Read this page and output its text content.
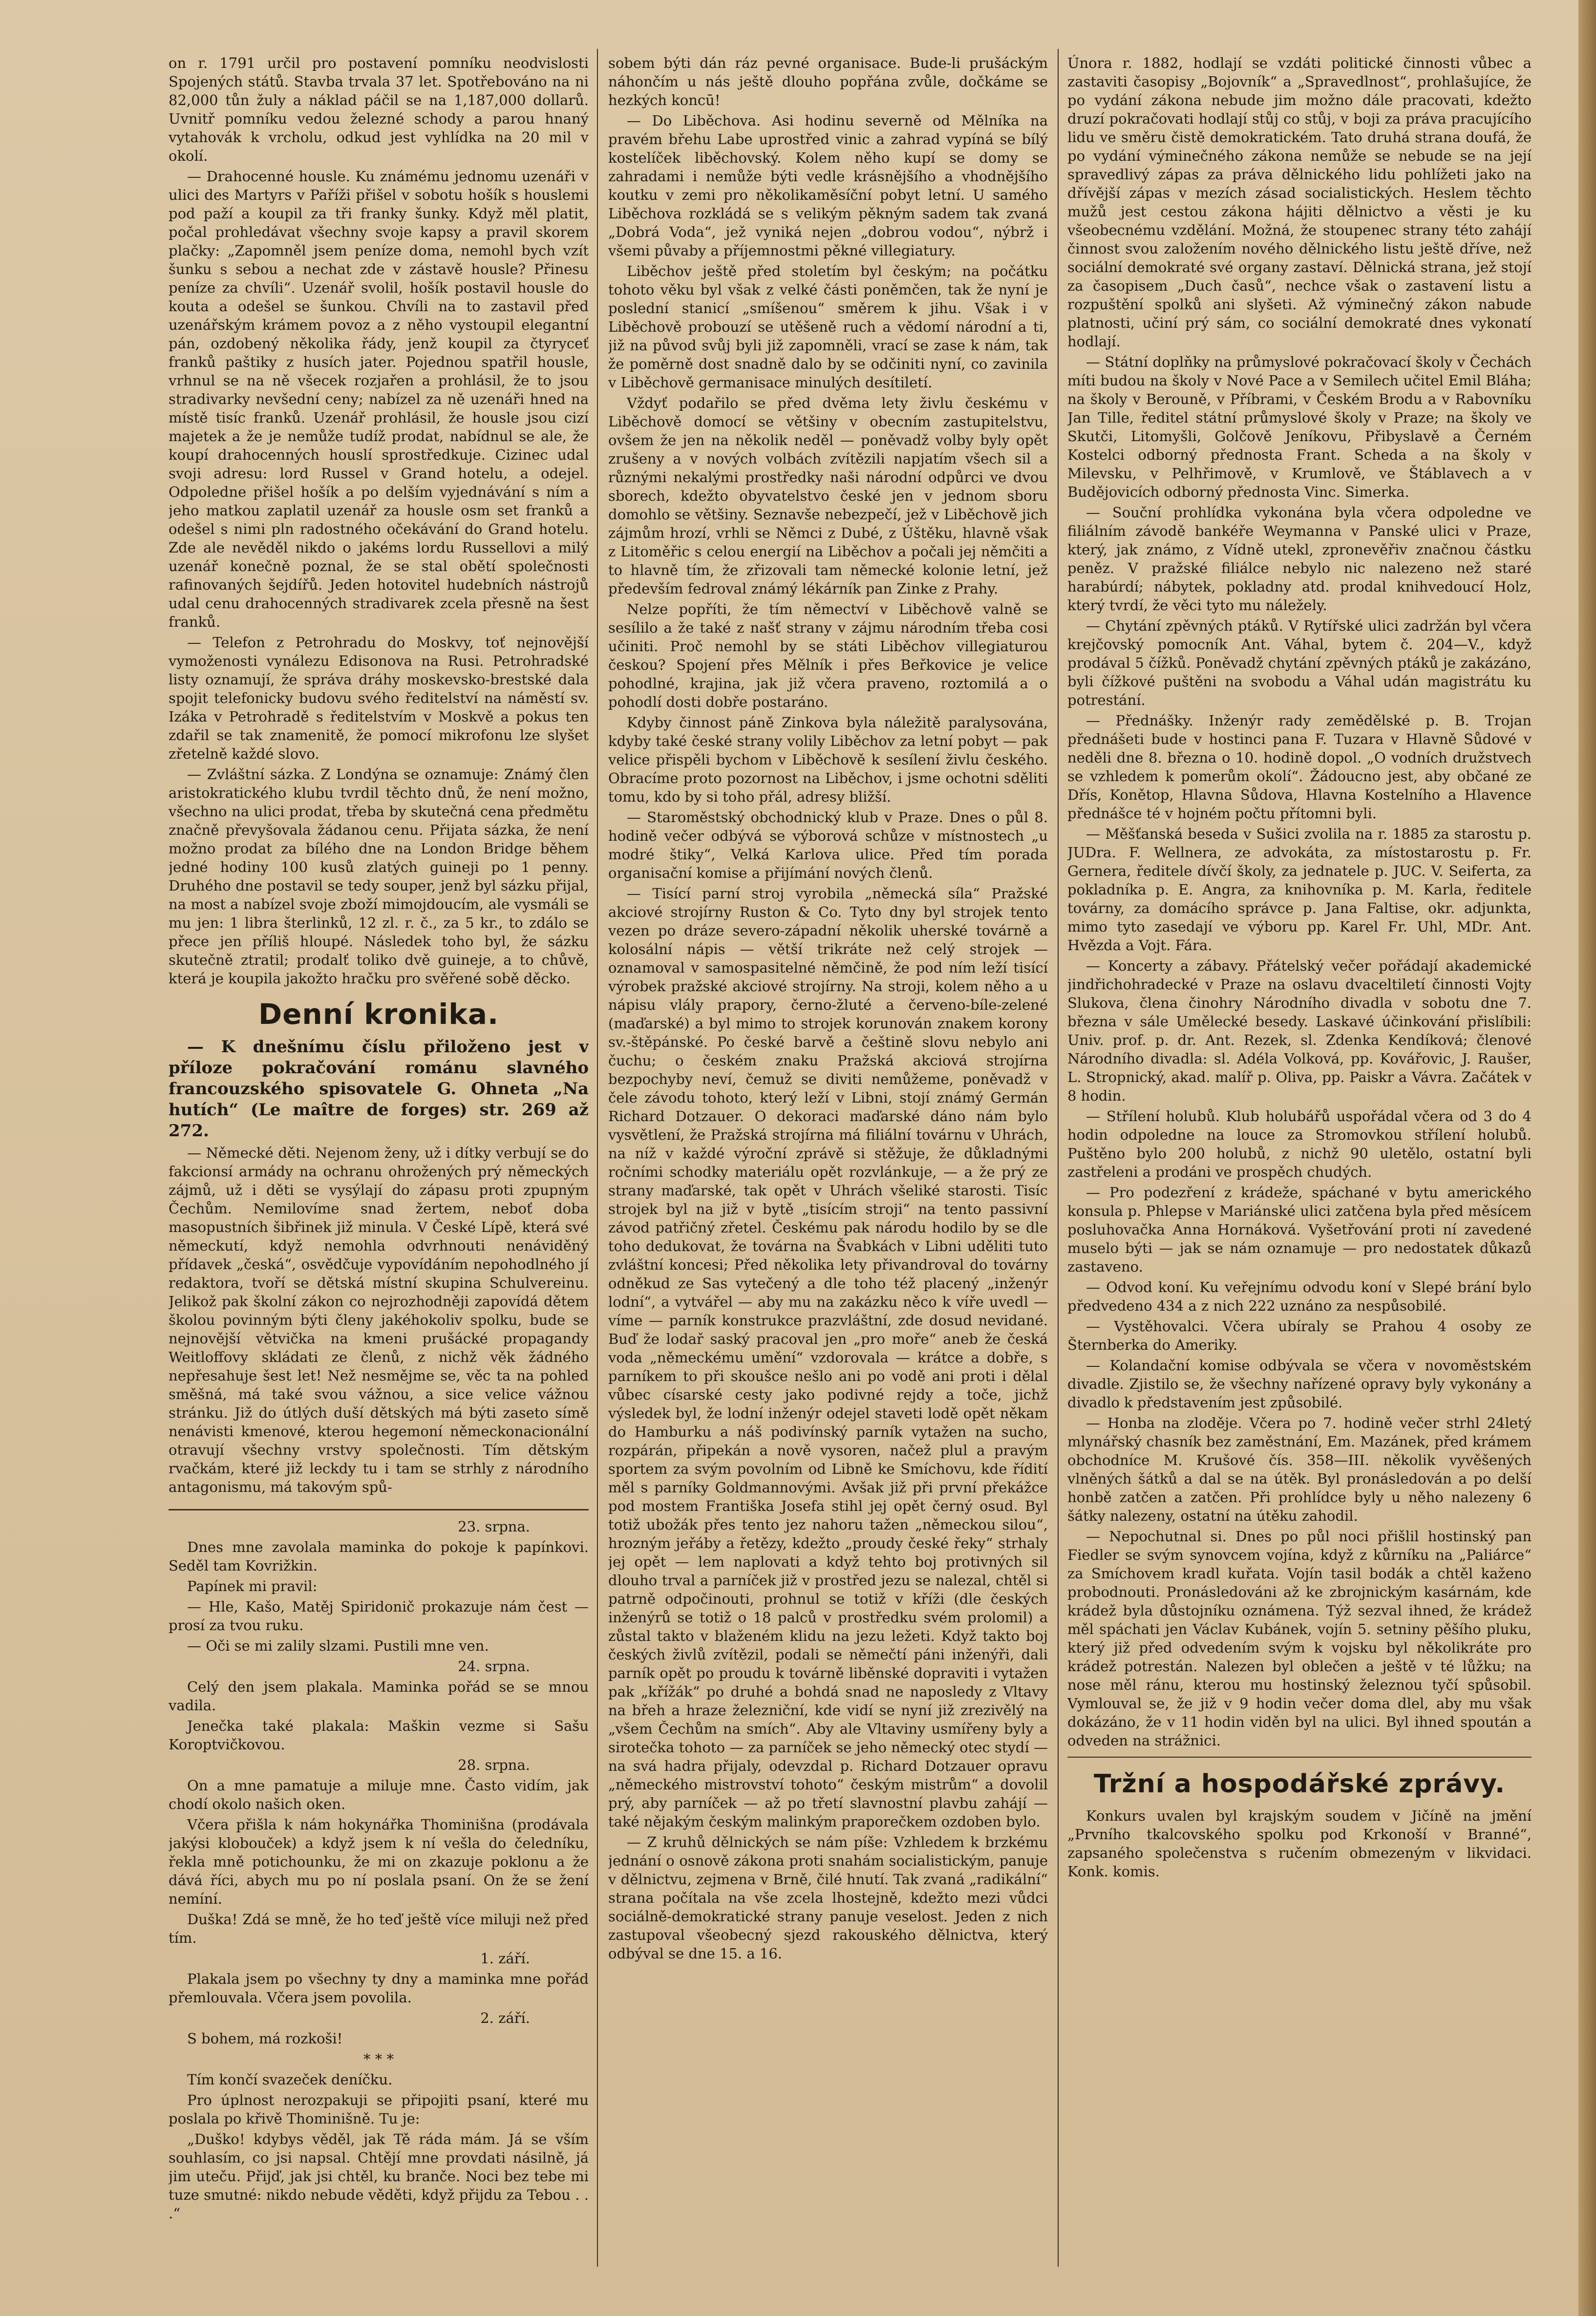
on r. 1791 určil pro postavení pomníku neodvislosti Spojených států. Stavba trvala 37 let. Spotřebováno na ni 82,000 tůn žuly a náklad páčil se na 1,187,000 dollarů. Uvnitř pomníku vedou železné schody a parou hnaný vytahovák k vrcholu, odkud jest vyhlídka na 20 mil v okolí.

— Drahocenné housle. Ku známému jednomu uzenáři v ulici des Martyrs v Paříži přišel v sobotu hošík s houslemi pod paží a koupil za tři franky šunky. Když měl platit, počal prohledávat všechny svoje kapsy a pravil skorem plačky: „Zapomněl jsem peníze doma, nemohl bych vzít šunku s sebou a nechat zde v zástavě housle? Přinesu peníze za chvíli“. Uzenář svolil, hošík postavil housle do kouta a odešel se šunkou. Chvíli na to zastavil před uzenářským krámem povoz a z něho vystoupil elegantní pán, ozdobený několika řády, jenž koupil za čtyryceť franků paštiky z husích jater. Pojednou spatřil housle, vrhnul se na ně všecek rozjařen a prohlásil, že to jsou stradivarky nevšední ceny; nabízel za ně uzenáři hned na místě tisíc franků. Uzenář prohlásil, že housle jsou cizí majetek a že je nemůže tudíž prodat, nabídnul se ale, že koupí drahocenných houslí sprostředkuje. Cizinec udal svoji adresu: lord Russel v Grand hotelu, a odejel. Odpoledne přišel hošík a po delším vyjednávání s ním a jeho matkou zaplatil uzenář za housle osm set franků a odešel s nimi pln radostného očekávání do Grand hotelu. Zde ale nevěděl nikdo o jakéms lordu Russellovi a milý uzenář konečně poznal, že se stal obětí společnosti rafinovaných šejdířů. Jeden hotovitel hudebních nástrojů udal cenu drahocenných stradivarek zcela přesně na šest franků.

— Telefon z Petrohradu do Moskvy, toť nejnovější vymoženosti vynálezu Edisonova na Rusi. Petrohradské listy oznamují, že správa dráhy moskevsko-brestské dala spojit telefonicky budovu svého ředitelství na náměstí sv. Izáka v Petrohradě s ředitelstvím v Moskvě a pokus ten zdařil se tak znamenitě, že pomocí mikrofonu lze slyšet zřetelně každé slovo.

— Zvláštní sázka. Z Londýna se oznamuje: Známý člen aristokratického klubu tvrdil těchto dnů, že není možno, všechno na ulici prodat, třeba by skutečná cena předmětu značně převyšovala žádanou cenu. Přijata sázka, že není možno prodat za bílého dne na London Bridge během jedné hodiny 100 kusů zlatých guineji po 1 penny. Druhého dne postavil se tedy souper, jenž byl sázku přijal, na most a nabízel svoje zboží mimojdoucím, ale vysmáli se mu jen: 1 libra šterlinků, 12 zl. r. č., za 5 kr., to zdálo se přece jen příliš hloupé. Následek toho byl, že sázku skutečně ztratil; prodalť toliko dvě guineje, a to chůvě, která je koupila jakožto hračku pro svěřené sobě děcko.

Denní kronika.

— K dnešnímu číslu přiloženo jest v příloze pokračování románu slavného francouzského spisovatele G. Ohneta „Na hutích“ (Le maître de forges) str. 269 až 272.

— Německé děti. Nejenom ženy, už i dítky verbují se do fakcionsí armády na ochranu ohrožených prý německých zájmů, už i děti se vysýlají do zápasu proti zpupným Čechům. Nemilovíme snad žertem, neboť doba masopustních šibřinek již minula. V České Lípě, která své německutí, když nemohla odvrhnouti nenáviděný přídavek „česká“, osvědčuje vypovídáním nepohodlného jí redaktora, tvoří se dětská místní skupina Schulvereinu. Jelikož pak školní zákon co nejrozhodněji zapovídá dětem školou povinným býti členy jakéhokoliv spolku, bude se nejnovější větvička na kmeni prušácké propagandy Weitloffovy skládati ze členů, z nichž věk žádného nepřesahuje šest let! Než nesmějme se, věc ta na pohled směšná, má také svou vážnou, a sice velice vážnou stránku. Již do útlých duší dětských má býti zaseto símě nenávisti kmenové, kterou hegemoní německonacionální otravují všechny vrstvy společnosti. Tím dětským rvačkám, které již leckdy tu i tam se strhly z národního antagonismu, má takovým spů-

23. srpna.

Dnes mne zavolala maminka do pokoje k papínkovi. Seděl tam Kovrižkin.

Papínek mi pravil:

— Hle, Kašo, Matěj Spiridonič prokazuje nám čest — prosí za tvou ruku.

— Oči se mi zalily slzami. Pustili mne ven.

24. srpna.

Celý den jsem plakala. Maminka pořád se se mnou vadila.

Jenečka také plakala: Maškin vezme si Sašu Koroptvičkovou.

28. srpna.

On a mne pamatuje a miluje mne. Často vidím, jak chodí okolo našich oken.

Včera přišla k nám hokynářka Thominišna (prodávala jakýsi klobouček) a když jsem k ní vešla do čeledníku, řekla mně potichounku, že mi on zkazuje poklonu a že dává říci, abych mu po ní poslala psaní. On že se žení nemíní.

Duška! Zdá se mně, že ho teď ještě více miluji než před tím.

1. září.

Plakala jsem po všechny ty dny a maminka mne pořád přemlouvala. Včera jsem povolila.

2. září.

S bohem, má rozkoši!

* * *

Tím končí svazeček deníčku.

Pro úplnost nerozpakuji se připojiti psaní, které mu poslala po křivě Thominišně. Tu je:

„Duško! kdybys věděl, jak Tě ráda mám. Já se vším souhlasím, co jsi napsal. Chtějí mne provdati násilně, já jim uteču. Přijď, jak jsi chtěl, ku branče. Noci bez tebe mi tuze smutné: nikdo nebude věděti, když přijdu za Tebou . . .“

sobem býti dán ráz pevné organisace. Bude-li prušáckým náhončím u nás ještě dlouho popřána zvůle, dočkáme se hezkých koncū!

— Do Liběchova. Asi hodinu severně od Mělníka na pravém břehu Labe uprostřed vinic a zahrad vypíná se bílý kostelíček liběchovský. Kolem něho kupí se domy se zahradami i nemůže býti vedle krásnějšího a vhodnějšího koutku v zemi pro několikaměsíční pobyt letní. U samého Liběchova rozkládá se s velikým pěkným sadem tak zvaná „Dobrá Voda“, jež vyniká nejen „dobrou vodou“, nýbrž i všemi půvaby a příjemnostmi pěkné villegiatury.

Liběchov ještě před stoletím byl českým; na počátku tohoto věku byl však z velké části poněmčen, tak že nyní je poslední stanicí „smíšenou“ směrem k jihu. Však i v Liběchově probouzí se utěšeně ruch a vědomí národní a ti, již na původ svůj byli již zapomněli, vrací se zase k nám, tak že poměrně dost snadně dalo by se odčiniti nyní, co zavinila v Liběchově germanisace minulých desítiletí.

Vždyť podařilo se před dvěma lety živlu českému v Liběchově domocí se většiny v obecním zastupitelstvu, ovšem že jen na několik neděl — poněvadž volby byly opět zrušeny a v nových volbách zvítězili napjatím všech sil a různými nekalými prostředky naši národní odpůrci ve dvou sborech, kdežto obyvatelstvo české jen v jednom sboru domohlo se většiny. Seznavše nebezpečí, jež v Liběchově jich zájmům hrozí, vrhli se Němci z Dubé, z Úštěku, hlavně však z Litoměřic s celou energií na Liběchov a počali jej němčiti a to hlavně tím, že zřizovali tam německé kolonie letní, jež především fedroval známý lékárník pan Zinke z Prahy.

Nelze popříti, že tím němectví v Liběchově valně se sesílilo a že také z našť strany v zájmu národním třeba cosi učiniti. Proč nemohl by se státi Liběchov villegiaturou českou? Spojení přes Mělník i přes Beřkovice je velice pohodlné, krajina, jak již včera praveno, roztomilá a o pohodlí dosti dobře postaráno.

Kdyby činnost páně Zinkova byla náležitě paralysována, kdyby také české strany volily Liběchov za letní pobyt — pak velice přispěli bychom v Liběchově k sesílení živlu českého. Obracíme proto pozornost na Liběchov, i jsme ochotni sděliti tomu, kdo by si toho přál, adresy bližší.

— Staroměstský obchodnický klub v Praze. Dnes o půl 8. hodině večer odbývá se výborová schůze v místnostech „u modré štiky“, Velká Karlova ulice. Před tím porada organisační komise a přijímání nových členů.

— Tisící parní stroj vyrobila „německá síla“ Pražské akciové strojírny Ruston & Co. Tyto dny byl strojek tento vezen po dráze severo-západní několik uherské továrně a kolosální nápis — větší trikráte než celý strojek — oznamoval v samospasitelné němčině, že pod ním leží tisící výrobek pražské akciové strojírny. Na stroji, kolem něho a u nápisu vlály prapory, černo-žluté a červeno-bíle-zelené (maďarské) a byl mimo to strojek korunován znakem korony sv.-štěpánské. Po české barvě a češtině slovu nebylo ani čuchu; o českém znaku Pražská akciová strojírna bezpochyby neví, čemuž se diviti nemůžeme, poněvadž v čele závodu tohoto, který leží v Libni, stojí známý Germán Richard Dotzauer. O dekoraci maďarské dáno nám bylo vysvětlení, že Pražská strojírna má filiální továrnu v Uhrách, na níž v každé výroční zprávě si stěžuje, že důkladnými ročními schodky materiálu opět rozvlánkuje, — a že prý ze strany maďarské, tak opět v Uhrách všeliké starosti. Tisíc strojek byl na již v bytě „tisícím stroji“ na tento passivní závod patřičný zřetel. Českému pak národu hodilo by se dle toho dedukovat, že továrna na Švabkách v Libni uděliti tuto zvláštní koncesi; Před několika lety přivandroval do továrny odněkud ze Sas vytečený a dle toho též placený „inženýr lodní“, a vytvářel — aby mu na zakázku něco k víře uvedl — víme — parník konstrukce prazvláštní, zde dosud nevidané. Buď že lodař saský pracoval jen „pro moře“ aneb že česká voda „německému umění“ vzdorovala — krátce a dobře, s parníkem to při skoušce nešlo ani po vodě ani proti i dělal vůbec císarské cesty jako podivné rejdy a toče, jichž výsledek byl, že lodní inženýr odejel staveti lodě opět někam do Hamburku a náš podivínský parník vytažen na sucho, rozpárán, připekán a nově vysoren, načež plul a pravým sportem za svým povolním od Libně ke Smíchovu, kde řídití měl s parníky Goldmannovými. Avšak již při první překážce pod mostem Františka Josefa stihl jej opět černý osud. Byl totiž ubožák přes tento jez nahoru tažen „německou silou“, hrozným jeřáby a řetězy, kdežto „proudy české řeky“ strhaly jej opět — lem naplovati a když tehto boj protivných sil dlouho trval a parníček již v prostřed jezu se nalezal, chtěl si patrně odpočinouti, prohnul se totiž v kříži (dle českých inženýrů se totiž o 18 palců v prostředku svém prolomil) a zůstal takto v blaženém klidu na jezu ležeti. Když takto boj českých živlů zvítězil, podali se němečtí páni inženýři, dali parník opět po proudu k továrně liběnské dopraviti i vytažen pak „křížák“ po druhé a bohdá snad ne naposledy z Vltavy na břeh a hraze železniční, kde vidí se nyní již zrezivělý na „všem Čechům na smích“. Aby ale Vltaviny usmířeny byly a sirotečka tohoto — za parníček se jeho německý otec stydí — na svá hadra přijaly, odevzdal p. Richard Dotzauer opravu „německého mistrovství tohoto“ českým mistrům“ a dovolil prý, aby parníček — až po třetí slavnostní plavbu zahájí — také nějakým českým malinkým praporečkem ozdoben bylo.

— Z kruhů dělnických se nám píše: Vzhledem k brzkému jednání o osnově zákona proti snahám socialistickým, panuje v dělnictvu, zejmena v Brně, čilé hnutí. Tak zvaná „radikální“ strana počítala na vše zcela lhostejně, kdežto mezi vůdci sociálně-demokratické strany panuje veselost. Jeden z nich zastupoval všeobecný sjezd rakouského dělnictva, který odbýval se dne 15. a 16.

Února r. 1882, hodlají se vzdáti politické činnosti vůbec a zastaviti časopisy „Bojovník“ a „Spravedlnost“, prohlašujíce, že po vydání zákona nebude jim možno dále pracovati, kdežto druzí pokračovati hodlají stůj co stůj, v boji za práva pracujícího lidu ve směru čistě demokratickém. Tato druhá strana doufá, že po vydání výminečného zákona nemůže se nebude se na její spravedlivý zápas za práva dělnického lidu pohlížeti jako na dřívější zápas v mezích zásad socialistických. Heslem těchto mužů jest cestou zákona hájiti dělnictvo a věsti je ku všeobecnému vzdělání. Možná, že stoupenec strany této zahájí činnost svou založením nového dělnického listu ještě dříve, než sociální demokraté své organy zastaví. Dělnická strana, jež stojí za časopisem „Duch časů“, nechce však o zastavení listu a rozpuštění spolků ani slyšeti. Až výminečný zákon nabude platnosti, učiní prý sám, co sociální demokraté dnes vykonatí hodlají.

— Státní doplňky na průmyslové pokračovací školy v Čechách míti budou na školy v Nové Pace a v Semilech učitel Emil Bláha; na školy v Berouně, v Příbrami, v Českém Brodu a v Rabovníku Jan Tille, ředitel státní průmyslové školy v Praze; na školy ve Skutči, Litomyšli, Golčově Jeníkovu, Přibyslavě a Černém Kostelci odborný přednosta Frant. Scheda a na školy v Milevsku, v Pelhřimově, v Krumlově, ve Štáblavech a v Budějovicích odborný přednosta Vinc. Simerka.

— Souční prohlídka vykonána byla včera odpoledne ve filiálním závodě bankéře Weymanna v Panské ulici v Praze, který, jak známo, z Vídně utekl, zpronevěřiv značnou částku peněz. V pražské filiálce nebylo nic nalezeno než staré harabúrdí; nábytek, pokladny atd. prodal knihvedoucí Holz, který tvrdí, že věci tyto mu náležely.

— Chytání zpěvných ptáků. V Rytířské ulici zadržán byl včera krejčovský pomocník Ant. Váhal, bytem č. 204—V., když prodával 5 čížků. Poněvadž chytání zpěvných ptáků je zakázáno, byli čížkové puštěni na svobodu a Váhal udán magistrátu ku potrestání.

— Přednášky. Inženýr rady zemědělské p. B. Trojan přednášeti bude v hostinci pana F. Tuzara v Hlavně Sůdové v neděli dne 8. března o 10. hodině dopol. „O vodních družstvech se vzhledem k pomerům okolí“. Žádoucno jest, aby občané ze Dřís, Konětop, Hlavna Sůdova, Hlavna Kostelního a Hlavence přednášce té v hojném počtu přítomni byli.

— Měšťanská beseda v Sušici zvolila na r. 1885 za starostu p. JUDra. F. Wellnera, ze advokáta, za místostarostu p. Fr. Gernera, ředitele dívčí školy, za jednatele p. JUC. V. Seiferta, za pokladníka p. E. Angra, za knihovníka p. M. Karla, ředitele továrny, za domácího správce p. Jana Faltise, okr. adjunkta, mimo tyto zasedají ve výboru pp. Karel Fr. Uhl, MDr. Ant. Hvězda a Vojt. Fára.

— Koncerty a zábavy. Přátelský večer pořádají akademické jindřichohradecké v Praze na oslavu dvaceltiletí činnosti Vojty Slukova, člena činohry Národního divadla v sobotu dne 7. března v sále Umělecké besedy. Laskavé účinkování přislíbili: Univ. prof. p. dr. Ant. Rezek, sl. Zdenka Kendíková; členové Národního divadla: sl. Adéla Volková, pp. Kovářovic, J. Raušer, L. Stropnický, akad. malíř p. Oliva, pp. Paiskr a Vávra. Začátek v 8 hodin.

— Střílení holubů. Klub holubářů uspořádal včera od 3 do 4 hodin odpoledne na louce za Stromovkou střílení holubů. Puštěno bylo 200 holubů, z nichž 90 uletělo, ostatní byli zastřeleni a prodáni ve prospěch chudých.

— Pro podezření z krádeže, spáchané v bytu amerického konsula p. Phlepse v Mariánské ulici zatčena byla před měsícem posluhovačka Anna Hornáková. Vyšetřování proti ní zavedené muselo býti — jak se nám oznamuje — pro nedostatek důkazů zastaveno.

— Odvod koní. Ku veřejnímu odvodu koní v Slepé brání bylo předvedeno 434 a z nich 222 uznáno za nespůsobilé.

— Vystěhovalci. Včera ubíraly se Prahou 4 osoby ze Šternberka do Ameriky.

— Kolandační komise odbývala se včera v novoměstském divadle. Zjistilo se, že všechny nařízené opravy byly vykonány a divadlo k představením jest způsobilé.

— Honba na zloděje. Včera po 7. hodině večer strhl 24letý mlynářský chasník bez zaměstnání, Em. Mazánek, před krámem obchodníce M. Krušové čís. 358—III. několik vyvěšených vlněných šátků a dal se na útěk. Byl pronásledován a po delší honbě zatčen a zatčen. Při prohlídce byly u něho nalezeny 6 šátky nalezeny, ostatní na útěku zahodil.

— Nepochutnal si. Dnes po půl noci přišlil hostinský pan Fiedler se svým synovcem vojína, když z kůrníku na „Paliárce“ za Smíchovem kradl kuřata. Vojín tasil bodák a chtěl kaženo probodnouti. Pronásledováni až ke zbrojnickým kasárnám, kde krádež byla důstojníku oznámena. Týž sezval ihned, že krádež měl spáchati jen Václav Kubánek, vojín 5. setniny pěšího pluku, který již před odvedením svým k vojsku byl několikráte pro krádež potrestán. Nalezen byl oblečen a ještě v té lůžku; na nose měl ránu, kterou mu hostinský železnou tyčí spůsobil. Vymlouval se, že již v 9 hodin večer doma dlel, aby mu však dokázáno, že v 11 hodin viděn byl na ulici. Byl ihned spoután a odveden na strážnici.

Tržní a hospodářské zprávy.

Konkurs uvalen byl krajským soudem v Jičíně na jmění „Prvního tkalcovského spolku pod Krkonoší v Branné“, zapsaného společenstva s ručením obmezeným v likvidaci. Konk. komis.
